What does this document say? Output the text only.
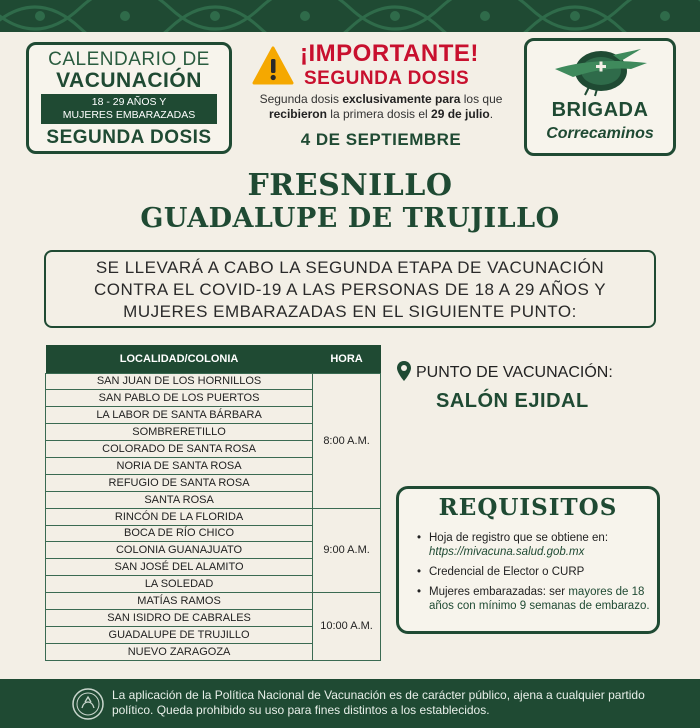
CALENDARIO DE
VACUNACIÓN
18 - 29 AÑOS Y
MUJERES EMBARAZADAS
SEGUNDA DOSIS
¡IMPORTANTE!
SEGUNDA DOSIS
Segunda dosis exclusivamente para los que
recibieron la primera dosis el 29 de julio.
4 DE SEPTIEMBRE
BRIGADA
Correcaminos
FRESNILLO
GUADALUPE DE TRUJILLO
SE LLEVARÁ A CABO LA SEGUNDA ETAPA DE VACUNACIÓN
CONTRA EL COVID-19 A LAS PERSONAS DE 18 A 29 AÑOS Y
MUJERES EMBARAZADAS EN EL SIGUIENTE PUNTO:
LOCALIDAD/COLONIA	HORA
SAN JUAN DE LOS HORNILLOS	8:00 A.M.
SAN PABLO DE LOS PUERTOS	
LA LABOR DE SANTA BÁRBARA	
SOMBRERETILLO	
COLORADO DE SANTA ROSA	
NORIA DE SANTA ROSA	
REFUGIO DE SANTA ROSA	
SANTA ROSA	
RINCÓN DE LA FLORIDA	9:00 A.M.
BOCA DE RÍO CHICO	
COLONIA GUANAJUATO	
SAN JOSÉ DEL ALAMITO	
LA SOLEDAD	
MATÍAS RAMOS	10:00 A.M.
SAN ISIDRO DE CABRALES	
GUADALUPE DE TRUJILLO	
NUEVO ZARAGOZA	
PUNTO DE VACUNACIÓN:
SALÓN EJIDAL
REQUISITOS
• Hoja de registro que se obtiene en: https://mivacuna.salud.gob.mx
• Credencial de Elector o CURP
• Mujeres embarazadas: ser mayores de 18 años con mínimo 9 semanas de embarazo.
La aplicación de la Política Nacional de Vacunación es de carácter público, ajena a cualquier partido político. Queda prohibido su uso para fines distintos a los establecidos.
